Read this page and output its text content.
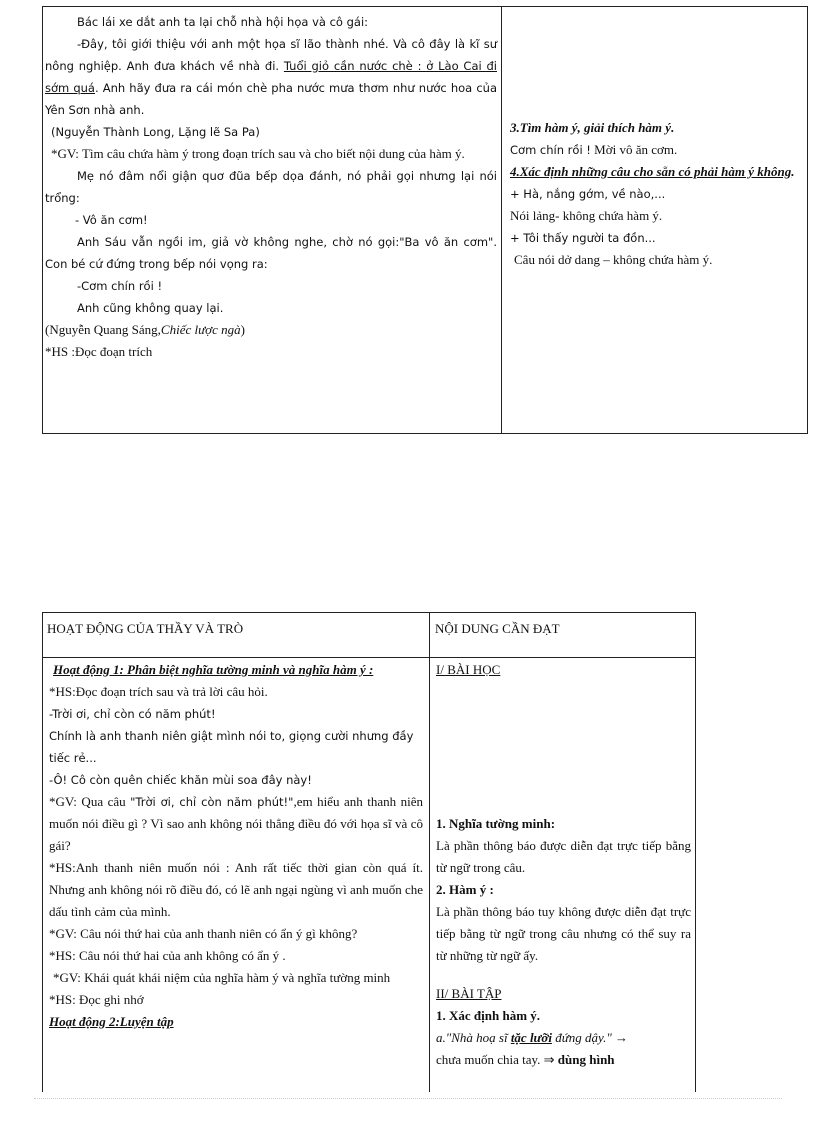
Bác lái xe dắt anh ta lại chỗ nhà hội họa và cô gái:

-Đây, tôi giới thiệu với anh một họa sĩ lão thành nhé. Và cô đây là kĩ sư nông nghiệp. Anh đưa khách về nhà đi. Tuổi giỏ cần nước chè : ở Lào Cai đi sớm quá. Anh hãy đưa ra cái món chè pha nước mưa thơm như nước hoa của Yên Sơn nhà anh.

(Nguyễn Thành Long, Lặng lẽ Sa Pa)

*GV: Tìm câu chứa hàm ý trong đoạn trích sau và cho biết nội dung của hàm ý.

Mẹ nó đâm nổi giận quơ đũa bếp dọa đánh, nó phải gọi nhưng lại nói trổng:

- Vô ăn cơm!

Anh Sáu vẫn ngồi im, giả vờ không nghe, chờ nó gọi:"Ba vô ăn cơm". Con bé cứ đứng trong bếp nói vọng ra:

-Cơm chín rồi !

Anh cũng không quay lại.

(Nguyễn Quang Sáng,Chiếc lược ngà)

*HS :Đọc đoạn trích

3.Tìm hàm ý, giải thích hàm ý.

Cơm chín rồi ! Mời vô ăn cơm.

4.Xác định những câu cho sẵn có phải hàm ý không.

+ Hà, nắng gớm, về nào,...

Nói lảng- không chứa hàm ý.

+ Tôi thấy người ta đồn...

Câu nói dở dang – không chứa hàm ý.

HOẠT ĐỘNG CỦA THẦY VÀ TRÒ	NỘI DUNG CẦN ĐẠT

Hoạt động 1: Phân biệt nghĩa tường minh và nghĩa hàm ý :

*HS:Đọc đoạn trích sau và trả lời câu hỏi.

-Trời ơi, chỉ còn có năm phút!

Chính là anh thanh niên giật mình nói to, giọng cười nhưng đầy tiếc rẻ...

-Ô! Cô còn quên chiếc khăn mùi soa đây này!

*GV: Qua câu "Trời ơi, chỉ còn năm phút!",em hiểu anh thanh niên muốn nói điều gì ? Vì sao anh không nói thẳng điều đó với họa sĩ và cô gái?

*HS:Anh thanh niên muốn nói : Anh rất tiếc thời gian còn quá ít. Nhưng anh không nói rõ điều đó, có lẽ anh ngại ngùng vì anh muốn che dấu tình cảm của mình.

*GV: Câu nói thứ hai của anh thanh niên có ẩn ý gì không?

*HS: Câu nói thứ hai của anh không có ẩn ý .

*GV: Khái quát khái niệm của nghĩa hàm ý và nghĩa tường minh

*HS: Đọc ghi nhớ

Hoạt động 2:Luyện tập

I/ BÀI HỌC

1. Nghĩa tường minh:

Là phần thông báo được diễn đạt trực tiếp bằng từ ngữ trong câu.

2. Hàm ý :

Là phần thông báo tuy không được diễn đạt trực tiếp bằng từ ngữ trong câu nhưng có thể suy ra từ những từ ngữ ấy.

II/ BÀI TẬP

1. Xác định hàm ý.

a."Nhà hoạ sĩ tặc lưỡi đứng dậy." →

chưa muốn chia tay. ⇒ dùng hình
